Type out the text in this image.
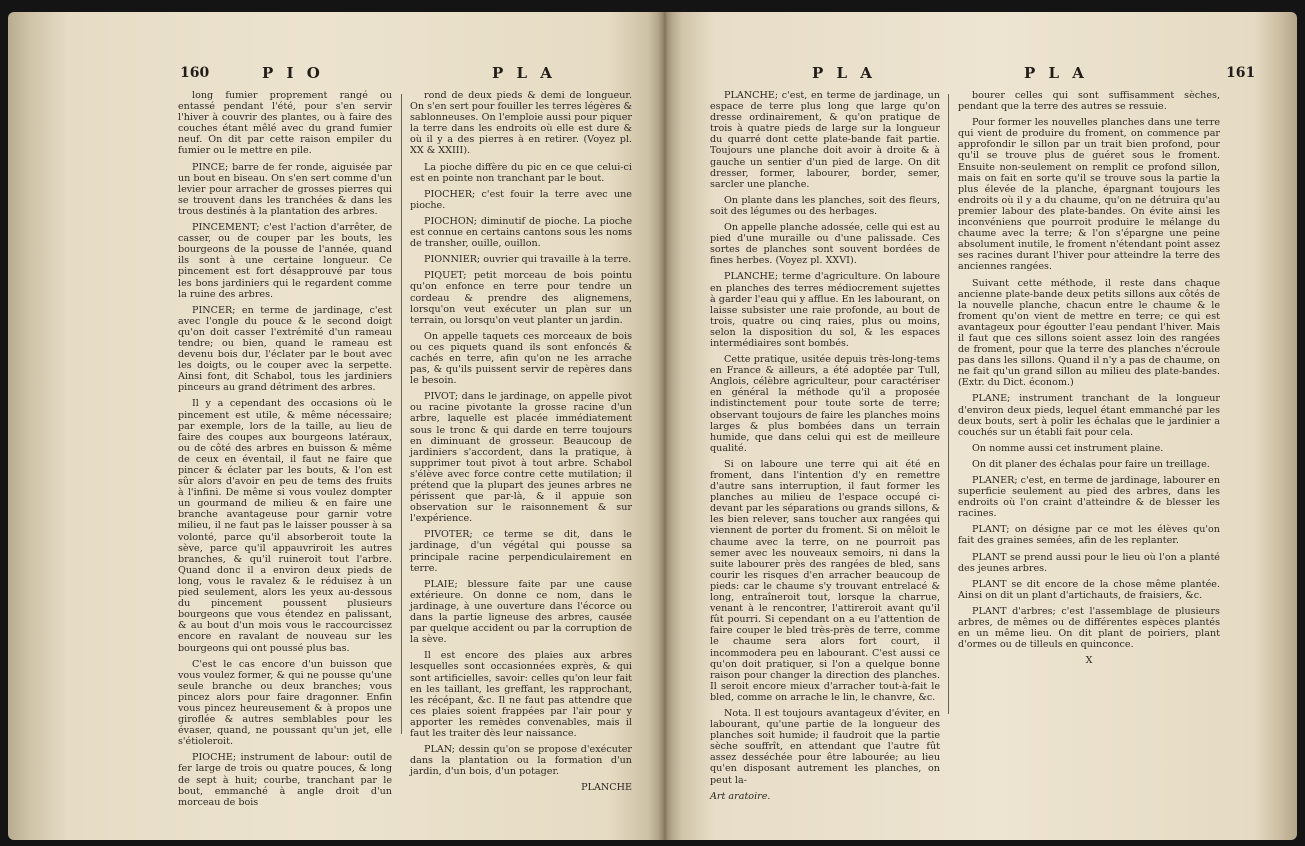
160	P I O	P L A

long fumier proprement rangé ou entassé pendant l'été, pour s'en servir l'hiver à couvrir des plantes, ou à faire des couches étant mêlé avec du grand fumier neuf. On dit par cette raison empiler du fumier ou le mettre en pile.

PINCE; barre de fer ronde, aiguisée par un bout en biseau. On s'en sert comme d'un levier pour arracher de grosses pierres qui se trouvent dans les tranchées & dans les trous destinés à la plantation des arbres.

PINCEMENT; c'est l'action d'arrêter, de casser, ou de couper par les bouts, les bourgeons de la pousse de l'année, quand ils sont à une certaine longueur. Ce pincement est fort désapprouvé par tous les bons jardiniers qui le regardent comme la ruine des arbres.

PINCER; en terme de jardinage, c'est avec l'ongle du pouce & le second doigt qu'on doit casser l'extrémité d'un rameau tendre; ou bien, quand le rameau est devenu bois dur, l'éclater par le bout avec les doigts, ou le couper avec la serpette. Ainsi font, dit Schabol, tous les jardiniers pinceurs au grand détriment des arbres.

Il y a cependant des occasions où le pincement est utile, & même nécessaire; par exemple, lors de la taille, au lieu de faire des coupes aux bourgeons latéraux, ou de côté des arbres en buisson & même de ceux en éventail, il faut ne faire que pincer & éclater par les bouts, & l'on est sûr alors d'avoir en peu de tems des fruits à l'infini. De même si vous voulez dompter un gourmand de milieu & en faire une branche avantageuse pour garnir votre milieu, il ne faut pas le laisser pousser à sa volonté, parce qu'il absorberoit toute la sève, parce qu'il appauvriroit les autres branches, & qu'il ruineroit tout l'arbre. Quand donc il a environ deux pieds de long, vous le ravalez & le réduisez à un pied seulement, alors les yeux au-dessous du pincement poussent plusieurs bourgeons que vous étendez en palissant, & au bout d'un mois vous le raccourcissez encore en ravalant de nouveau sur les bourgeons qui ont poussé plus bas.

C'est le cas encore d'un buisson que vous voulez former, & qui ne pousse qu'une seule branche ou deux branches; vous pincez alors pour faire dragonner. Enfin vous pincez heureusement & à propos une giroflée & autres semblables pour les évaser, quand, ne poussant qu'un jet, elle s'étioleroit.

PIOCHE; instrument de labour: outil de fer large de trois ou quatre pouces, & long de sept à huit; courbe, tranchant par le bout, emmanché à angle droit d'un morceau de bois

rond de deux pieds & demi de longueur. On s'en sert pour fouiller les terres légères & sablonneuses. On l'emploie aussi pour piquer la terre dans les endroits où elle est dure & où il y a des pierres à en retirer. (Voyez pl. XX & XXIII).

La pioche diffère du pic en ce que celui-ci est en pointe non tranchant par le bout.

PIOCHER; c'est fouir la terre avec une pioche.

PIOCHON; diminutif de pioche. La pioche est connue en certains cantons sous les noms de transher, ouille, ouillon.

PIONNIER; ouvrier qui travaille à la terre.

PIQUET; petit morceau de bois pointu qu'on enfonce en terre pour tendre un cordeau & prendre des alignemens, lorsqu'on veut exécuter un plan sur un terrain, ou lorsqu'on veut planter un jardin.

On appelle taquets ces morceaux de bois ou ces piquets quand ils sont enfoncés & cachés en terre, afin qu'on ne les arrache pas, & qu'ils puissent servir de repères dans le besoin.

PIVOT; dans le jardinage, on appelle pivot ou racine pivotante la grosse racine d'un arbre, laquelle est placée immédiatement sous le tronc & qui darde en terre toujours en diminuant de grosseur. Beaucoup de jardiniers s'accordent, dans la pratique, à supprimer tout pivot à tout arbre. Schabol s'élève avec force contre cette mutilation; il prétend que la plupart des jeunes arbres ne périssent que par-là, & il appuie son observation sur le raisonnement & sur l'expérience.

PIVOTER; ce terme se dit, dans le jardinage, d'un végétal qui pousse sa principale racine perpendiculairement en terre.

PLAIE; blessure faite par une cause extérieure. On donne ce nom, dans le jardinage, à une ouverture dans l'écorce ou dans la partie ligneuse des arbres, causée par quelque accident ou par la corruption de la sève.

Il est encore des plaies aux arbres lesquelles sont occasionnées exprès, & qui sont artificielles, savoir: celles qu'on leur fait en les taillant, les greffant, les rapprochant, les récépant, &c. Il ne faut pas attendre que ces plaies soient frappées par l'air pour y apporter les remèdes convenables, mais il faut les traiter dès leur naissance.

PLAN; dessin qu'on se propose d'exécuter dans la plantation ou la formation d'un jardin, d'un bois, d'un potager.

PLANCHE
P L A	P L A	161

PLANCHE; c'est, en terme de jardinage, un espace de terre plus long que large qu'on dresse ordinairement, & qu'on pratique de trois à quatre pieds de large sur la longueur du quarré dont cette plate-bande fait partie. Toujours une planche doit avoir à droite & à gauche un sentier d'un pied de large. On dit dresser, former, labourer, border, semer, sarcler une planche.

On plante dans les planches, soit des fleurs, soit des légumes ou des herbages.

On appelle planche adossée, celle qui est au pied d'une muraille ou d'une palissade. Ces sortes de planches sont souvent bordées de fines herbes. (Voyez pl. XXVI).

PLANCHE; terme d'agriculture. On laboure en planches des terres médiocrement sujettes à garder l'eau qui y afflue. En les labourant, on laisse subsister une raie profonde, au bout de trois, quatre ou cinq raies, plus ou moins, selon la disposition du sol, & les espaces intermédiaires sont bombés.

Cette pratique, usitée depuis très-long-tems en France & ailleurs, a été adoptée par Tull, Anglois, célèbre agriculteur, pour caractériser en général la méthode qu'il a proposée indistinctement pour toute sorte de terre; observant toujours de faire les planches moins larges & plus bombées dans un terrain humide, que dans celui qui est de meilleure qualité.

Si on laboure une terre qui ait été en froment, dans l'intention d'y en remettre d'autre sans interruption, il faut former les planches au milieu de l'espace occupé ci-devant par les séparations ou grands sillons, & les bien relever, sans toucher aux rangées qui viennent de porter du froment. Si on mêloit le chaume avec la terre, on ne pourroit pas semer avec les nouveaux semoirs, ni dans la suite labourer près des rangées de bled, sans courir les risques d'en arracher beaucoup de pieds: car le chaume s'y trouvant entrelacé & long, entraîneroit tout, lorsque la charrue, venant à le rencontrer, l'attireroit avant qu'il fût pourri. Si cependant on a eu l'attention de faire couper le bled très-près de terre, comme le chaume sera alors fort court, il incommodera peu en labourant. C'est aussi ce qu'on doit pratiquer, si l'on a quelque bonne raison pour changer la direction des planches. Il seroit encore mieux d'arracher tout-à-fait le bled, comme on arrache le lin, le chanvre, &c.

Nota. Il est toujours avantageux d'éviter, en labourant, qu'une partie de la longueur des planches soit humide; il faudroit que la partie sèche souffrît, en attendant que l'autre fût assez desséchée pour être labourée; au lieu qu'en disposant autrement les planches, on peut la-

Art aratoire.

bourer celles qui sont suffisamment sèches, pendant que la terre des autres se ressuie.

Pour former les nouvelles planches dans une terre qui vient de produire du froment, on commence par approfondir le sillon par un trait bien profond, pour qu'il se trouve plus de guéret sous le froment. Ensuite non-seulement on remplit ce profond sillon, mais on fait en sorte qu'il se trouve sous la partie la plus élevée de la planche, épargnant toujours les endroits où il y a du chaume, qu'on ne détruira qu'au premier labour des plate-bandes. On évite ainsi les inconvéniens que pourroit produire le mélange du chaume avec la terre; & l'on s'épargne une peine absolument inutile, le froment n'étendant point assez ses racines durant l'hiver pour atteindre la terre des anciennes rangées.

Suivant cette méthode, il reste dans chaque ancienne plate-bande deux petits sillons aux côtés de la nouvelle planche, chacun entre le chaume & le froment qu'on vient de mettre en terre; ce qui est avantageux pour égoutter l'eau pendant l'hiver. Mais il faut que ces sillons soient assez loin des rangées de froment, pour que la terre des planches n'écroule pas dans les sillons. Quand il n'y a pas de chaume, on ne fait qu'un grand sillon au milieu des plate-bandes. (Extr. du Dict. économ.)

PLANE; instrument tranchant de la longueur d'environ deux pieds, lequel étant emmanché par les deux bouts, sert à polir les échalas que le jardinier a couchés sur un établi fait pour cela.

On nomme aussi cet instrument plaine.

On dit planer des échalas pour faire un treillage.

PLANER; c'est, en terme de jardinage, labourer en superficie seulement au pied des arbres, dans les endroits où l'on craint d'atteindre & de blesser les racines.

PLANT; on désigne par ce mot les élèves qu'on fait des graines semées, afin de les replanter.

PLANT se prend aussi pour le lieu où l'on a planté des jeunes arbres.

PLANT se dit encore de la chose même plantée. Ainsi on dit un plant d'artichauts, de fraisiers, &c.

PLANT d'arbres; c'est l'assemblage de plusieurs arbres, de mêmes ou de différentes espèces plantés en un même lieu. On dit plant de poiriers, plant d'ormes ou de tilleuls en quinconce.

X
